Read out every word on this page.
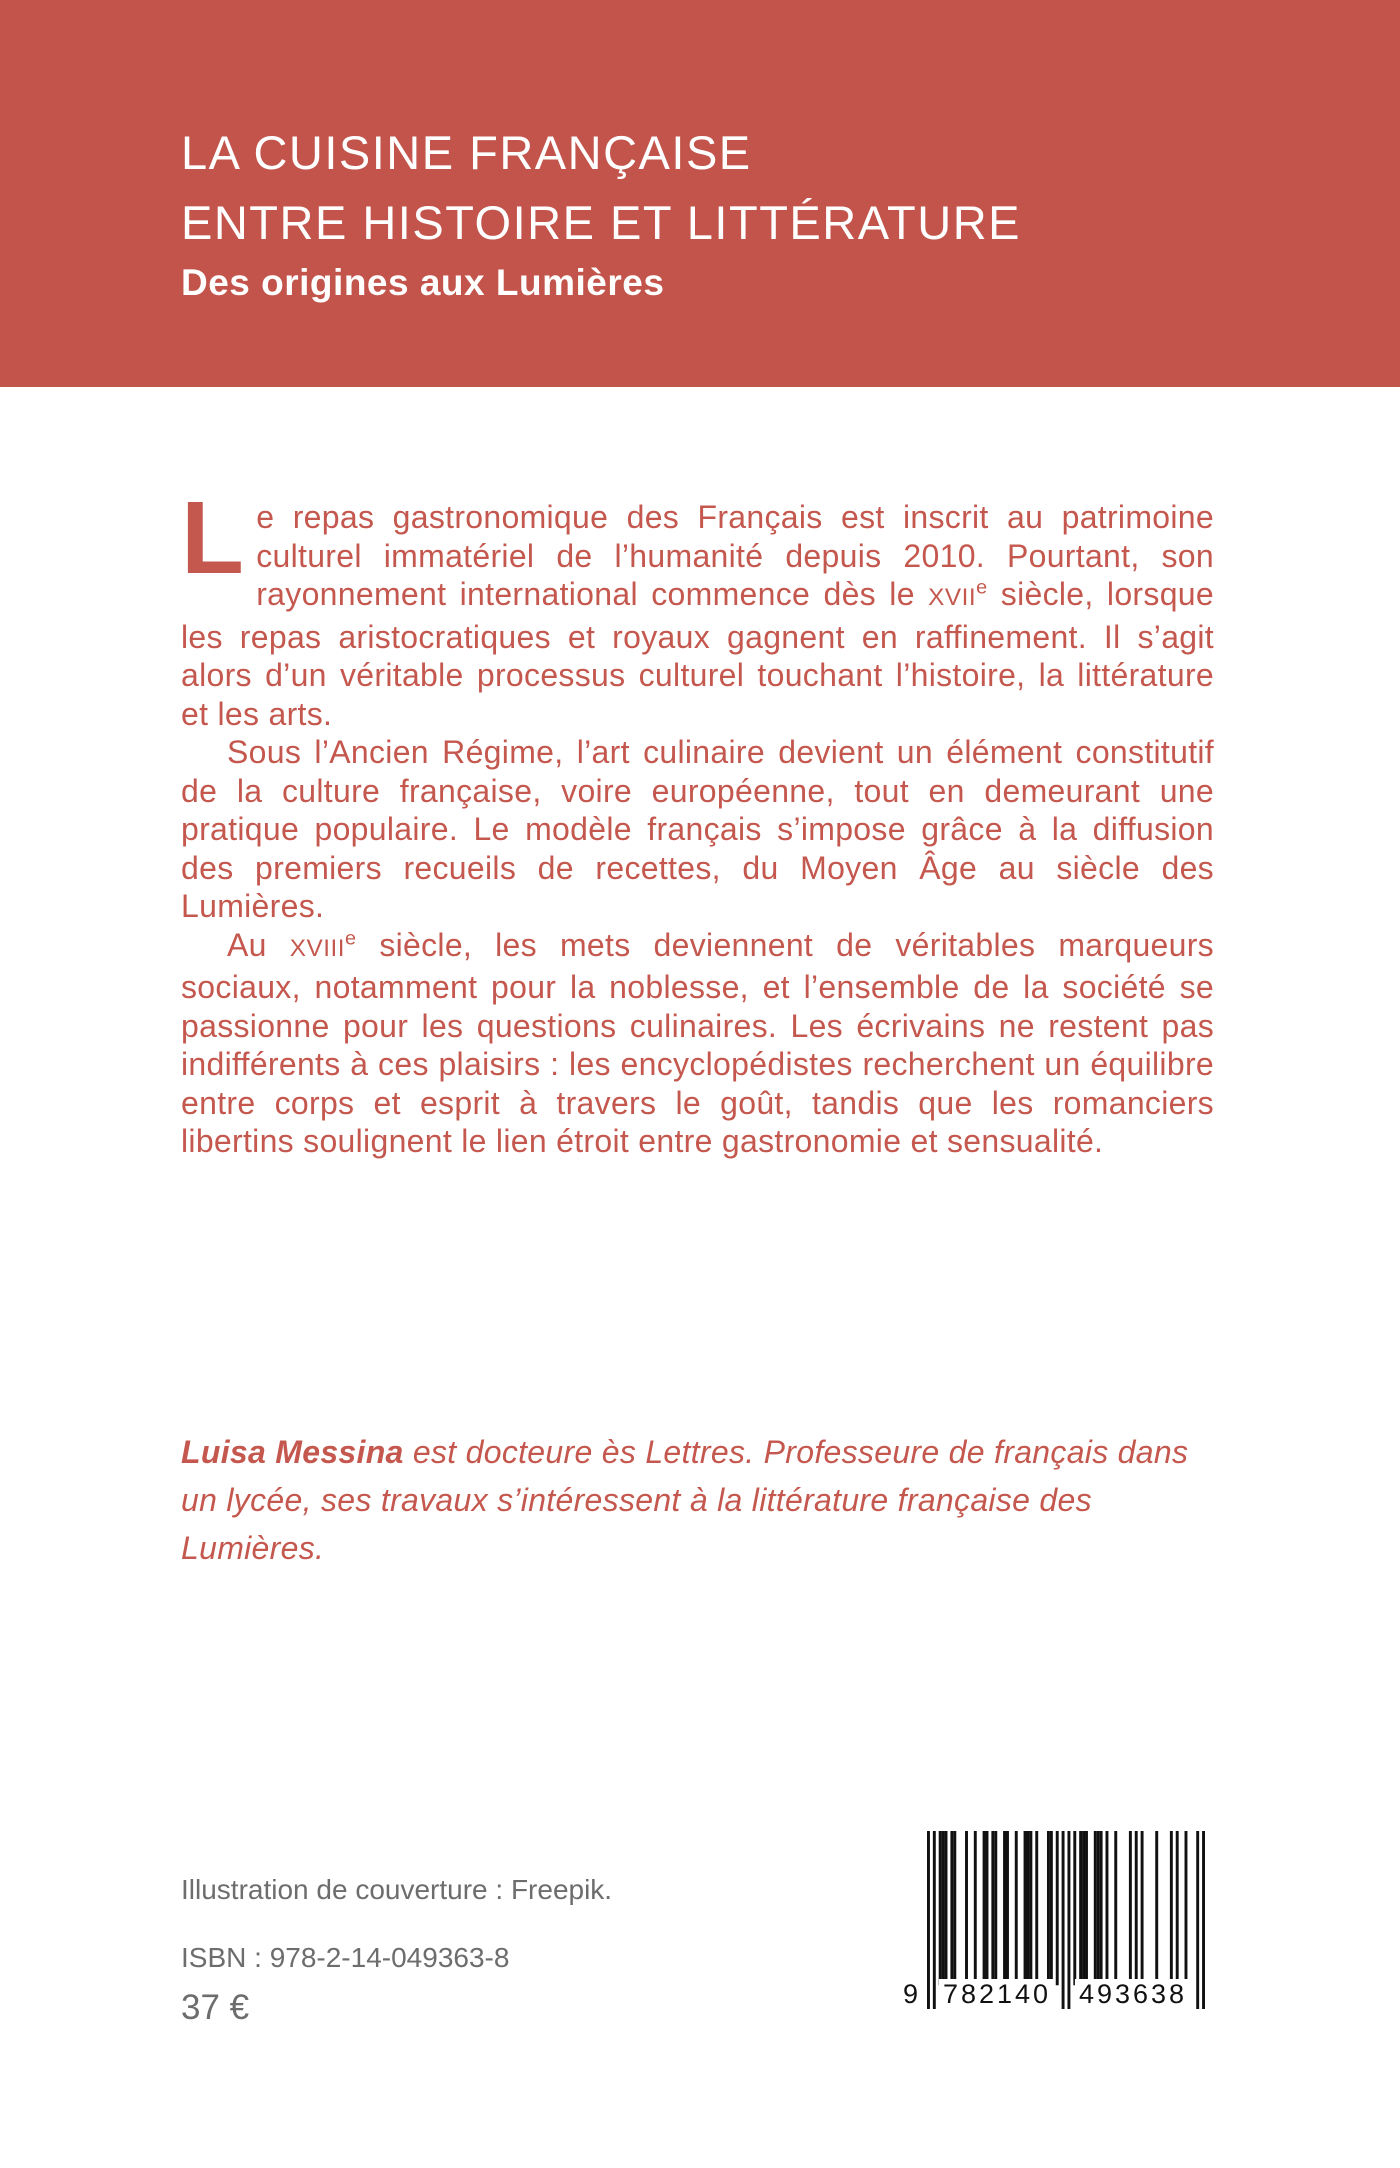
LA CUISINE FRANÇAISE
ENTRE HISTOIRE ET LITTÉRATURE
Des origines aux Lumières

Le repas gastronomique des Français est inscrit au patrimoine culturel immatériel de l’humanité depuis 2010. Pourtant, son rayonnement international commence dès le XVIIe siècle, lorsque les repas aristocratiques et royaux gagnent en raffinement. Il s’agit alors d’un véritable processus culturel touchant l’histoire, la littérature et les arts.

Sous l’Ancien Régime, l’art culinaire devient un élément constitutif de la culture française, voire européenne, tout en demeurant une pratique populaire. Le modèle français s’impose grâce à la diffusion des premiers recueils de recettes, du Moyen Âge au siècle des Lumières.

Au XVIIIe siècle, les mets deviennent de véritables marqueurs sociaux, notamment pour la noblesse, et l’ensemble de la société se passionne pour les questions culinaires. Les écrivains ne restent pas indifférents à ces plaisirs : les encyclopédistes recherchent un équilibre entre corps et esprit à travers le goût, tandis que les romanciers libertins soulignent le lien étroit entre gastronomie et sensualité.

Luisa Messina est docteure ès Lettres. Professeure de français dans un lycée, ses travaux s’intéressent à la littérature française des Lumières.

Illustration de couverture : Freepik.
ISBN : 978-2-14-049363-8
37 €	9 782140 493638
